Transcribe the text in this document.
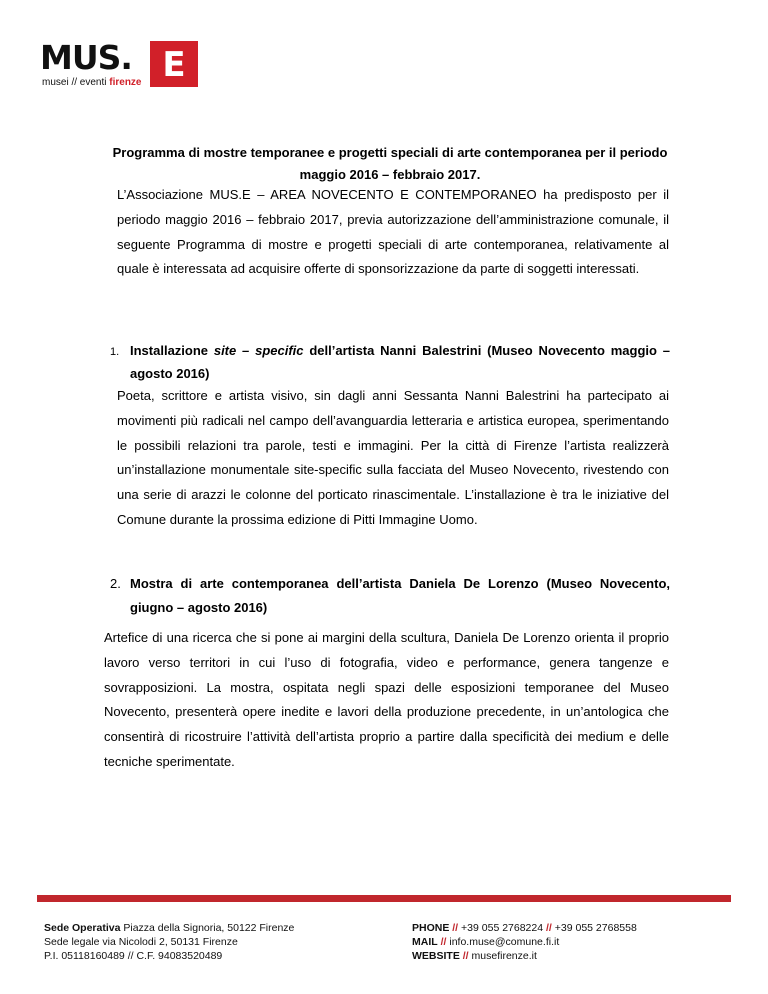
MUS. E
musei // eventi firenze
Programma di mostre temporanee e progetti speciali di arte contemporanea per il periodo maggio 2016 – febbraio 2017.
L’Associazione MUS.E – AREA NOVECENTO E CONTEMPORANEO ha predisposto per il periodo maggio 2016 – febbraio 2017, previa autorizzazione dell’amministrazione comunale, il seguente Programma di mostre e progetti speciali di arte contemporanea, relativamente al quale è interessata ad acquisire offerte di sponsorizzazione da parte di soggetti interessati.
1. Installazione site – specific dell’artista Nanni Balestrini (Museo Novecento maggio – agosto 2016)
Poeta, scrittore e artista visivo, sin dagli anni Sessanta Nanni Balestrini ha partecipato ai movimenti più radicali nel campo dell’avanguardia letteraria e artistica europea, sperimentando le possibili relazioni tra parole, testi e immagini. Per la città di Firenze l’artista realizzerà un’installazione monumentale site-specific sulla facciata del Museo Novecento, rivestendo con una serie di arazzi le colonne del porticato rinascimentale. L’installazione è tra le iniziative del Comune durante la prossima edizione di Pitti Immagine Uomo.
2. Mostra di arte contemporanea dell’artista Daniela De Lorenzo (Museo Novecento, giugno – agosto 2016)
Artefice di una ricerca che si pone ai margini della scultura, Daniela De Lorenzo orienta il proprio lavoro verso territori in cui l’uso di fotografia, video e performance, genera tangenze e sovrapposizioni. La mostra, ospitata negli spazi delle esposizioni temporanee del Museo Novecento, presenterà opere inedite e lavori della produzione precedente, in un’antologica che consentirà di ricostruire l’attività dell’artista proprio a partire dalla specificità dei medium e delle tecniche sperimentate.
Sede Operativa Piazza della Signoria, 50122 Firenze
Sede legale via Nicolodi 2, 50131 Firenze
P.I. 05118160489 // C.F. 94083520489
PHONE // +39 055 2768224 // +39 055 2768558
MAIL // info.muse@comune.fi.it
WEBSITE // musefirenze.it
